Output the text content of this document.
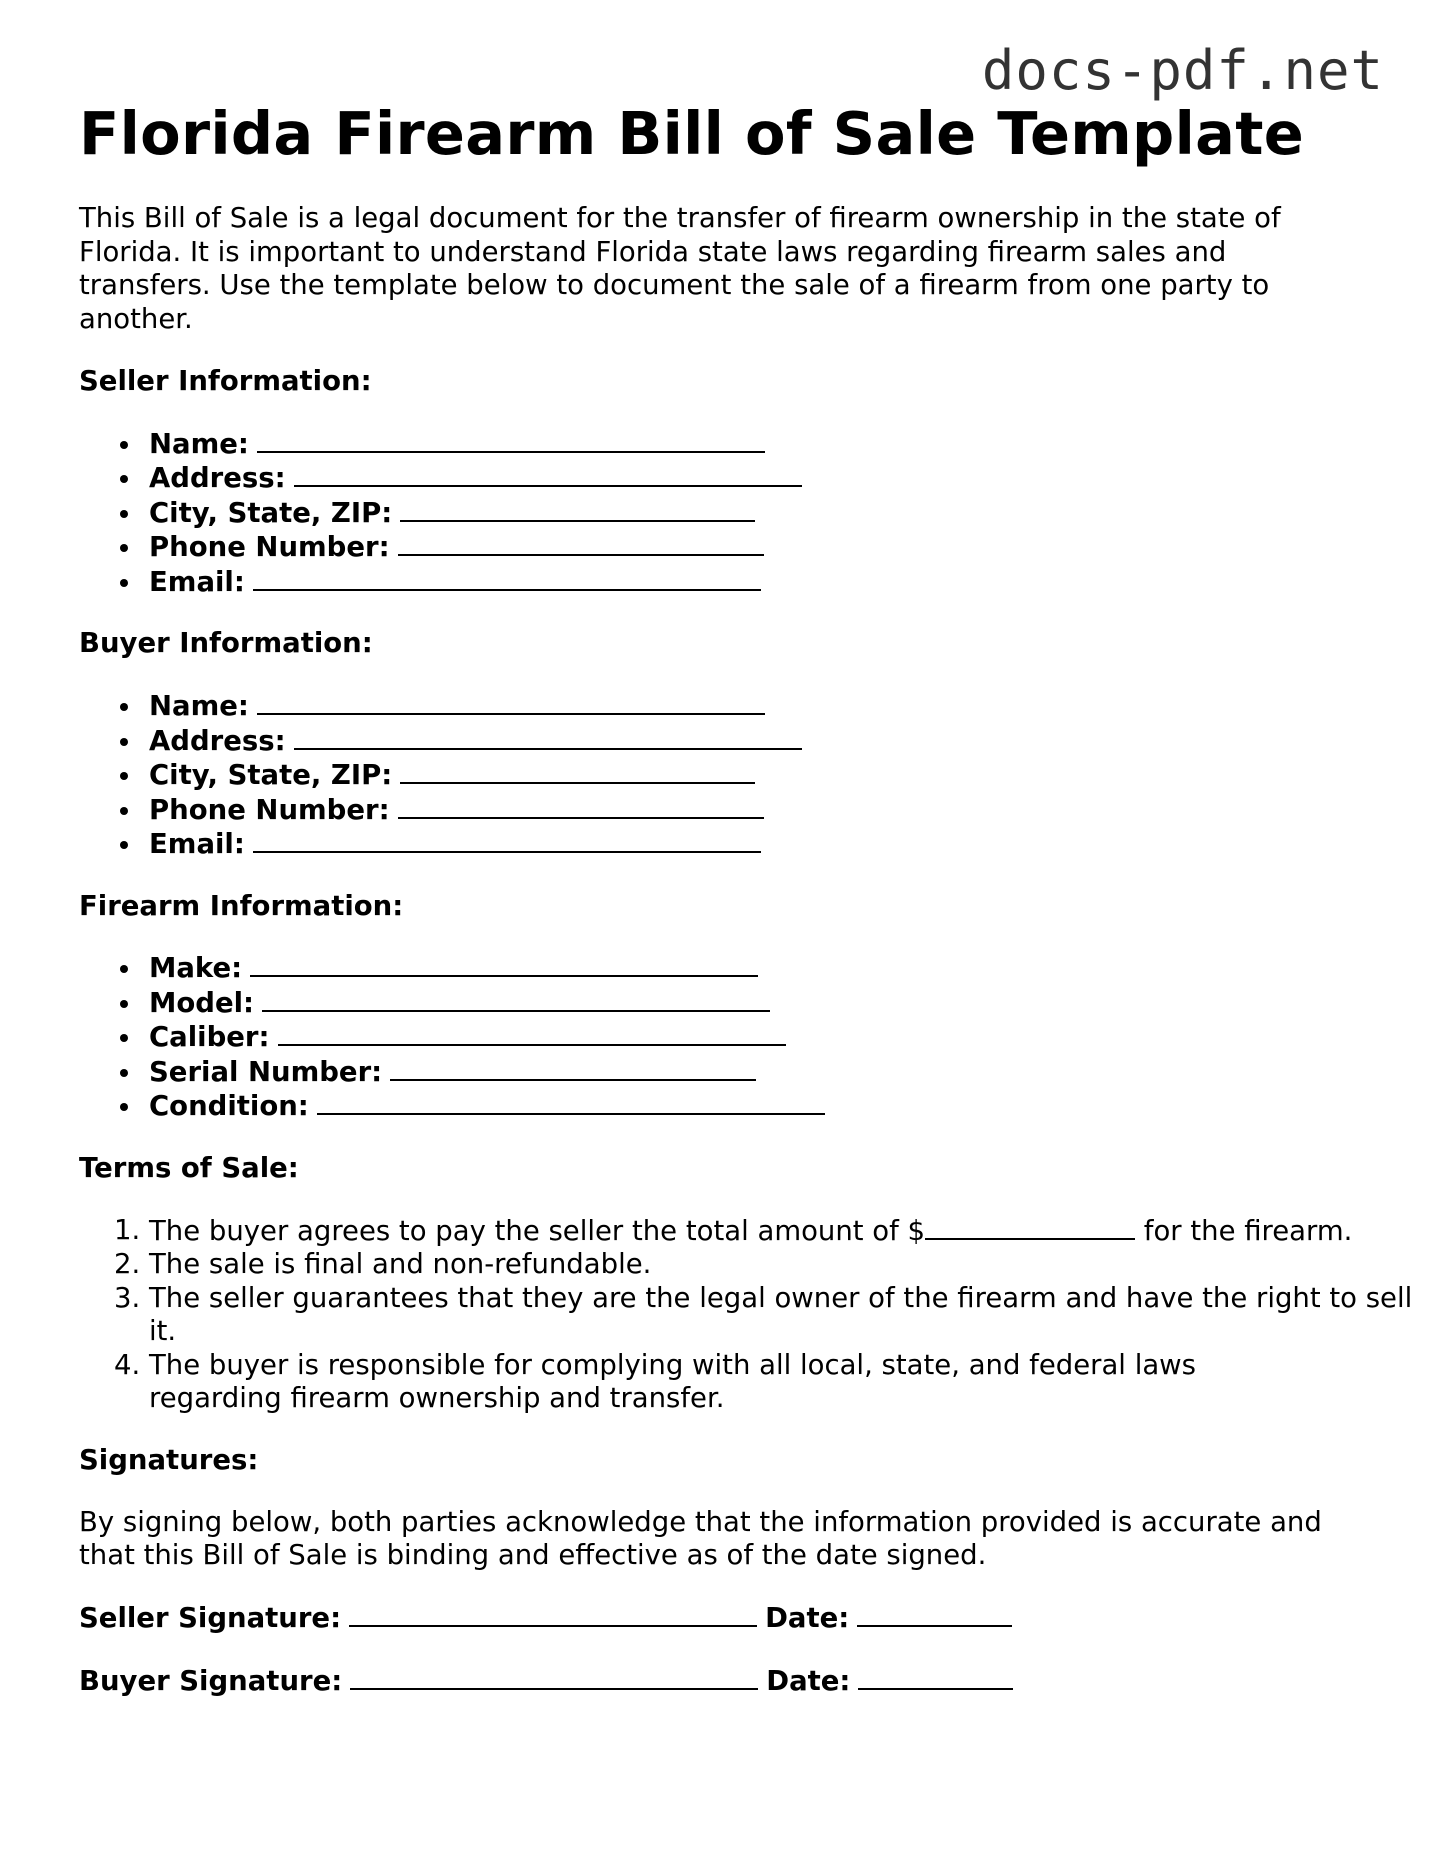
docs-pdf.net
Florida Firearm Bill of Sale Template

This Bill of Sale is a legal document for the transfer of firearm ownership in the state of Florida. It is important to understand Florida state laws regarding firearm sales and transfers. Use the template below to document the sale of a firearm from one party to another.

Seller Information:

Name:
Address:
City, State, ZIP:
Phone Number:
Email:

Buyer Information:

Name:
Address:
City, State, ZIP:
Phone Number:
Email:

Firearm Information:

Make:
Model:
Caliber:
Serial Number:
Condition:

Terms of Sale:

1. The buyer agrees to pay the seller the total amount of $	for the firearm.
2. The sale is final and non-refundable.
3. The seller guarantees that they are the legal owner of the firearm and have the right to sell it.
4. The buyer is responsible for complying with all local, state, and federal laws regarding firearm ownership and transfer.

Signatures:

By signing below, both parties acknowledge that the information provided is accurate and that this Bill of Sale is binding and effective as of the date signed.

Seller Signature:	Date:
Buyer Signature:	Date:
